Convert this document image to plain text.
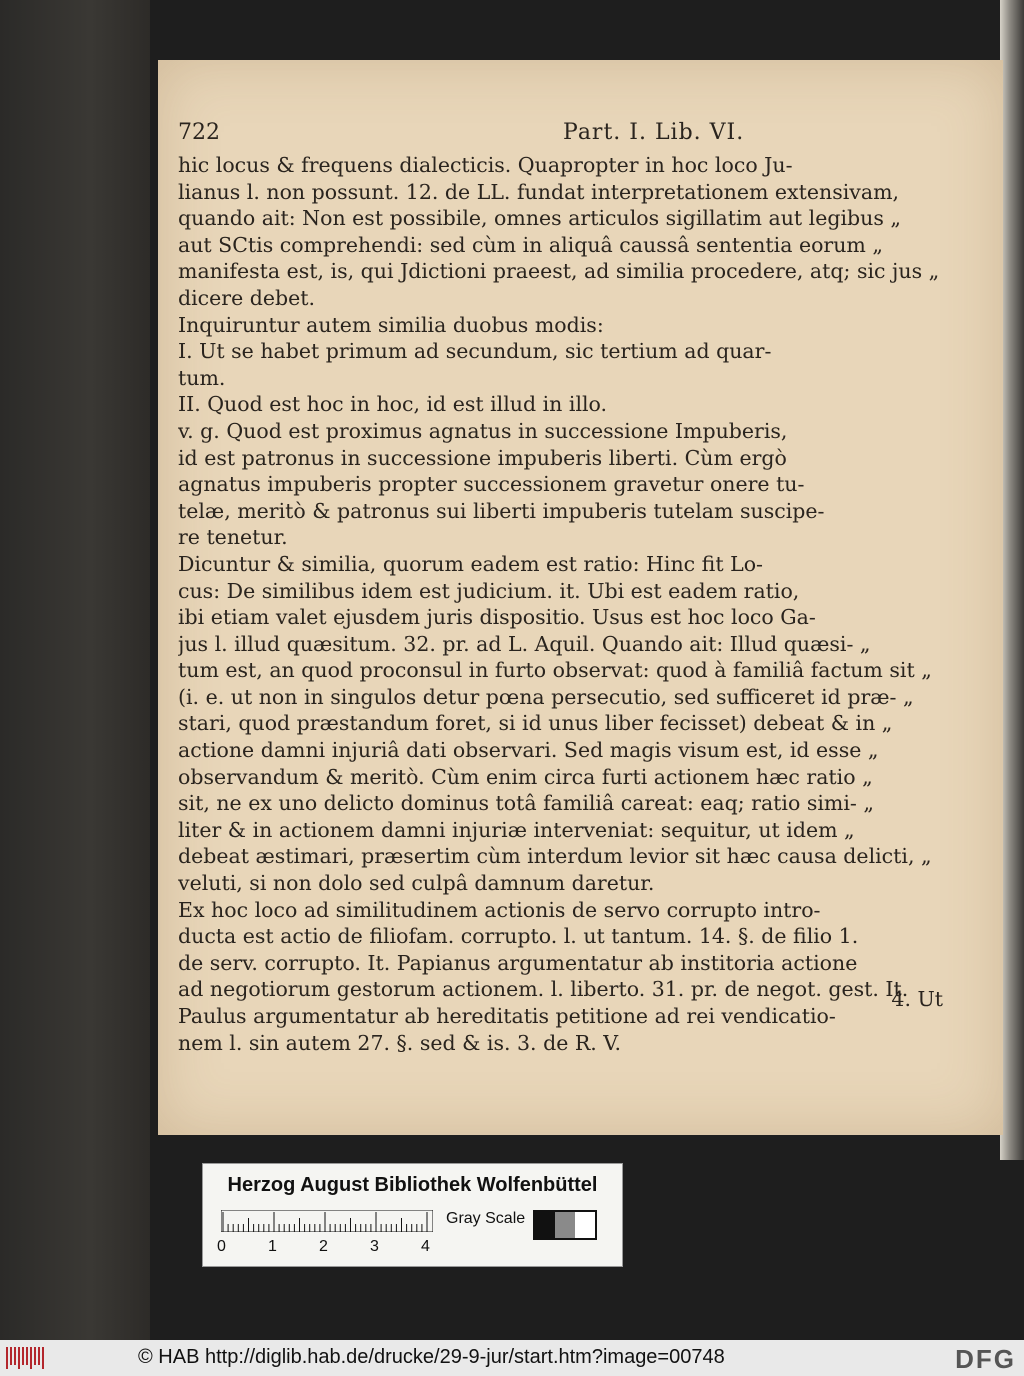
722	Part. I. Lib. VI.
hic locus & frequens dialecticis. Quapropter in hoc loco Ju-
lianus l. non possunt. 12. de LL. fundat interpretationem extensivam,
quando ait: Non est possibile, omnes articulos sigillatim aut legibus „
aut SCtis comprehendi: sed cùm in aliquâ caussâ sententia eorum „
manifesta est, is, qui Jdictioni praeest, ad similia procedere, atq; sic jus „
dicere debet.
Inquiruntur autem similia duobus modis:
I. Ut se habet primum ad secundum, sic tertium ad quar-
tum.
II. Quod est hoc in hoc, id est illud in illo.
v. g. Quod est proximus agnatus in successione Impuberis,
id est patronus in successione impuberis liberti. Cùm ergò
agnatus impuberis propter successionem gravetur onere tu-
telæ, meritò & patronus sui liberti impuberis tutelam suscipe-
re tenetur.
Dicuntur & similia, quorum eadem est ratio: Hinc fit Lo-
cus: De similibus idem est judicium. it. Ubi est eadem ratio,
ibi etiam valet ejusdem juris dispositio. Usus est hoc loco Ga-
jus l. illud quæsitum. 32. pr. ad L. Aquil. Quando ait: Illud quæsi- „
tum est, an quod proconsul in furto observat: quod à familiâ factum sit „
(i. e. ut non in singulos detur pœna persecutio, sed sufficeret id præ- „
stari, quod præstandum foret, si id unus liber fecisset) debeat & in „
actione damni injuriâ dati observari. Sed magis visum est, id esse „
observandum & meritò. Cùm enim circa furti actionem hæc ratio „
sit, ne ex uno delicto dominus totâ familiâ careat: eaq; ratio simi- „
liter & in actionem damni injuriæ interveniat: sequitur, ut idem „
debeat æstimari, præsertim cùm interdum levior sit hæc causa delicti, „
veluti, si non dolo sed culpâ damnum daretur.
Ex hoc loco ad similitudinem actionis de servo corrupto intro-
ducta est actio de filiofam. corrupto. l. ut tantum. 14. §. de filio 1.
de serv. corrupto. It. Papianus argumentatur ab institoria actione
ad negotiorum gestorum actionem. l. liberto. 31. pr. de negot. gest. It.
Paulus argumentatur ab hereditatis petitione ad rei vendicatio-
nem l. sin autem 27. §. sed & is. 3. de R. V.
4. Ut
Herzog August Bibliothek Wolfenbüttel
0	1	2	3	4
Gray Scale
© HAB http://diglib.hab.de/drucke/29-9-jur/start.htm?image=00748	DFG
